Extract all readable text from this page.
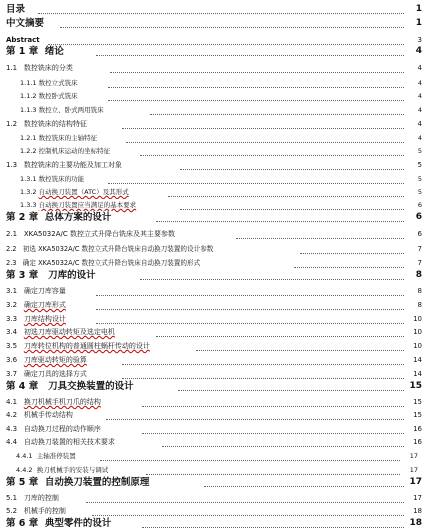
目录	1
中文摘要	1
Abstract	3
第 1 章 绪论	4
1.1 数控铣床的分类	4
1.1.1 数控立式铣床	4
1.1.2 数控卧式铣床	4
1.1.3 数控立、卧式两用铣床	4
1.2 数控铣床的结构特征	4
1.2.1 数控铣床的主轴特征	4
1.2.2 控制机床运动的坐标特征	5
1.3 数控铣床的主要功能及加工对象	5
1.3.1 数控铣床的功能	5
1.3.2 自动换刀装置（ATC）及其形式	5
1.3.3 自动换刀装置应当满足的基本要求	6
第 2 章 总体方案的设计	6
2.1 XKA5032A/C 数控立式升降台铣床及其主要参数	6
2.2 初选 XKA5032A/C 数控立式升降台铣床自动换刀装置的设计参数	7
2.3 确定 XKA5032A/C 数控立式升降台铣床自动换刀装置的形式	7
第 3 章 刀库的设计	8
3.1 确定刀库容量	8
3.2 确定刀库形式	8
3.3 刀库结构设计	10
3.4 初选刀库驱动转矩及选定电机	10
3.5 刀库转位机构的普通圆柱蜗杆传动的设计	10
3.6 刀库驱动转矩的验算	14
3.7 确定刀具的选择方式	14
第 4 章 刀具交换装置的设计	15
4.1 换刀机械手机刀爪的结构	15
4.2 机械手传动结构	15
4.3 自动换刀过程的动作顺序	16
4.4 自动换刀装置的相关技术要求	16
4.4.1 主轴准停装置	17
4.4.2 换刀机械手的安装与调试	17
第 5 章 自动换刀装置的控制原理	17
5.1 刀库的控制	17
5.2 机械手的控制	18
第 6 章 典型零件的设计	18
